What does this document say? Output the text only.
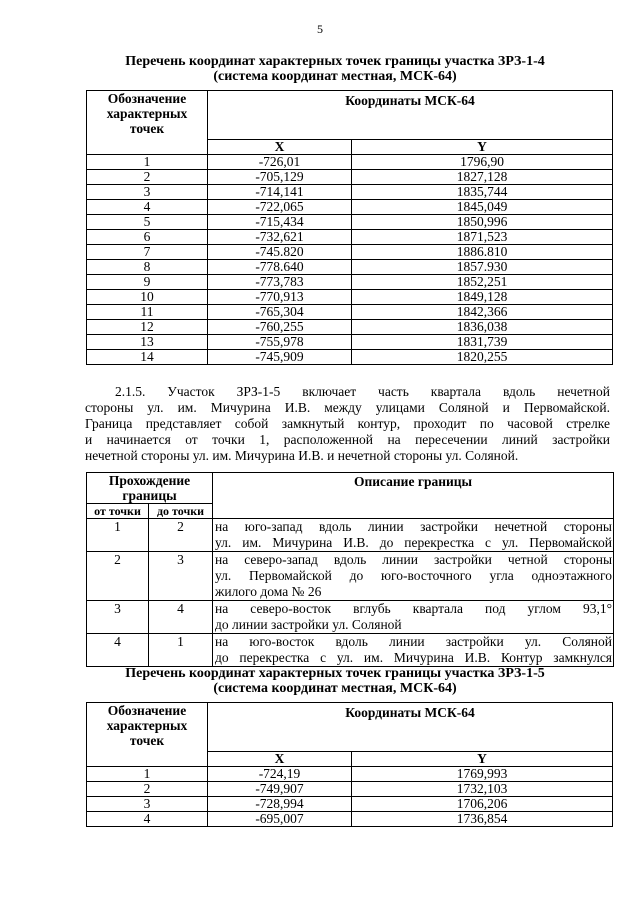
5
Перечень координат характерных точек границы участка ЗРЗ-1-4
(система координат местная, МСК-64)
Обозначение
характерных
точек	Координаты МСК-64	
	X	Y
1	-726,01	1796,90
2	-705,129	1827,128
3	-714,141	1835,744
4	-722,065	1845,049
5	-715,434	1850,996
6	-732,621	1871,523
7	-745.820	1886.810
8	-778.640	1857.930
9	-773,783	1852,251
10	-770,913	1849,128
11	-765,304	1842,366
12	-760,255	1836,038
13	-755,978	1831,739
14	-745,909	1820,255
2.1.5. Участок ЗРЗ-1-5 включает часть квартала вдоль нечетной
стороны ул. им. Мичурина И.В. между улицами Соляной и Первомайской.
Граница представляет собой замкнутый контур, проходит по часовой стрелке
и начинается от точки 1, расположенной на пересечении линий застройки
нечетной стороны ул. им. Мичурина И.В. и нечетной стороны ул. Соляной.
Прохождение
границы		Описание границы
от точки	до точки	
1	2	на юго-запад вдоль линии застройки нечетной стороны
ул. им. Мичурина И.В. до перекрестка с ул. Первомайской

2	3	на северо-запад вдоль линии застройки четной стороны
ул. Первомайской до юго-восточного угла одноэтажного
жилого дома № 26

3	4	на северо-восток вглубь квартала под углом 93,1°
до линии застройки ул. Соляной

4	1	на юго-восток вдоль линии застройки ул. Соляной
до перекрестка с ул. им. Мичурина И.В. Контур замкнулся
Перечень координат характерных точек границы участка ЗРЗ-1-5
(система координат местная, МСК-64)
Обозначение
характерных
точек	Координаты МСК-64	
	X	Y
1	-724,19	1769,993
2	-749,907	1732,103
3	-728,994	1706,206
4	-695,007	1736,854
